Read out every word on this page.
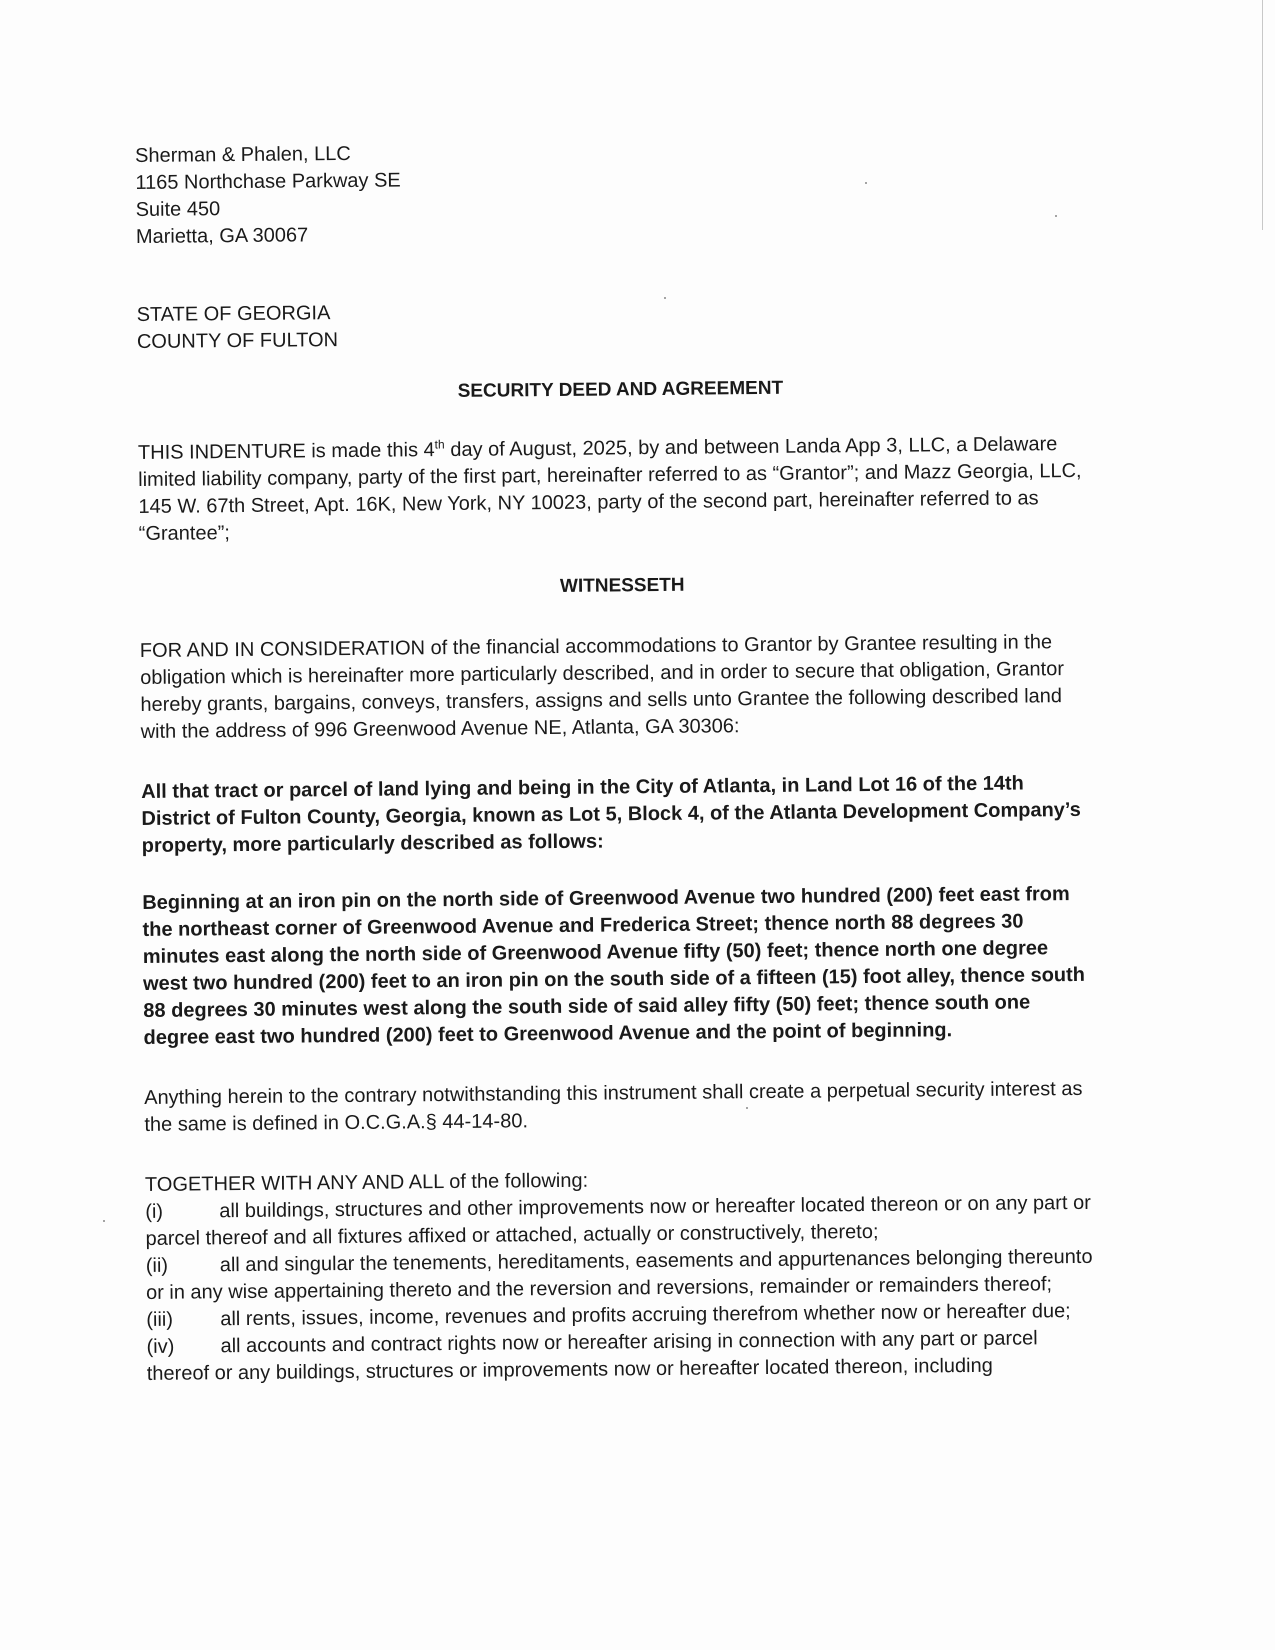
Sherman & Phalen, LLC
1165 Northchase Parkway SE
Suite 450
Marietta, GA 30067
STATE OF GEORGIA
COUNTY OF FULTON
SECURITY DEED AND AGREEMENT

THIS INDENTURE is made this 4th day of August, 2025, by and between Landa App 3, LLC, a Delaware limited liability company, party of the first part, hereinafter referred to as “Grantor”; and Mazz Georgia, LLC, 145 W. 67th Street, Apt. 16K, New York, NY 10023, party of the second part, hereinafter referred to as “Grantee”;

WITNESSETH

FOR AND IN CONSIDERATION of the financial accommodations to Grantor by Grantee resulting in the obligation which is hereinafter more particularly described, and in order to secure that obligation, Grantor hereby grants, bargains, conveys, transfers, assigns and sells unto Grantee the following described land with the address of 996 Greenwood Avenue NE, Atlanta, GA 30306:

All that tract or parcel of land lying and being in the City of Atlanta, in Land Lot 16 of the 14th District of Fulton County, Georgia, known as Lot 5, Block 4, of the Atlanta Development Company’s property, more particularly described as follows:

Beginning at an iron pin on the north side of Greenwood Avenue two hundred (200) feet east from the northeast corner of Greenwood Avenue and Frederica Street; thence north 88 degrees 30 minutes east along the north side of Greenwood Avenue fifty (50) feet; thence north one degree west two hundred (200) feet to an iron pin on the south side of a fifteen (15) foot alley, thence south 88 degrees 30 minutes west along the south side of said alley fifty (50) feet; thence south one degree east two hundred (200) feet to Greenwood Avenue and the point of beginning.

Anything herein to the contrary notwithstanding this instrument shall create a perpetual security interest as the same is defined in O.C.G.A.§ 44-14-80.

TOGETHER WITH ANY AND ALL of the following:

(i)	all buildings, structures and other improvements now or hereafter located thereon or on any part or parcel thereof and all fixtures affixed or attached, actually or constructively, thereto;

(ii)	all and singular the tenements, hereditaments, easements and appurtenances belonging thereunto or in any wise appertaining thereto and the reversion and reversions, remainder or remainders thereof;

(iii) all rents, issues, income, revenues and profits accruing therefrom whether now or hereafter due;

(iv) all accounts and contract rights now or hereafter arising in connection with any part or parcel thereof or any buildings, structures or improvements now or hereafter located thereon, including
